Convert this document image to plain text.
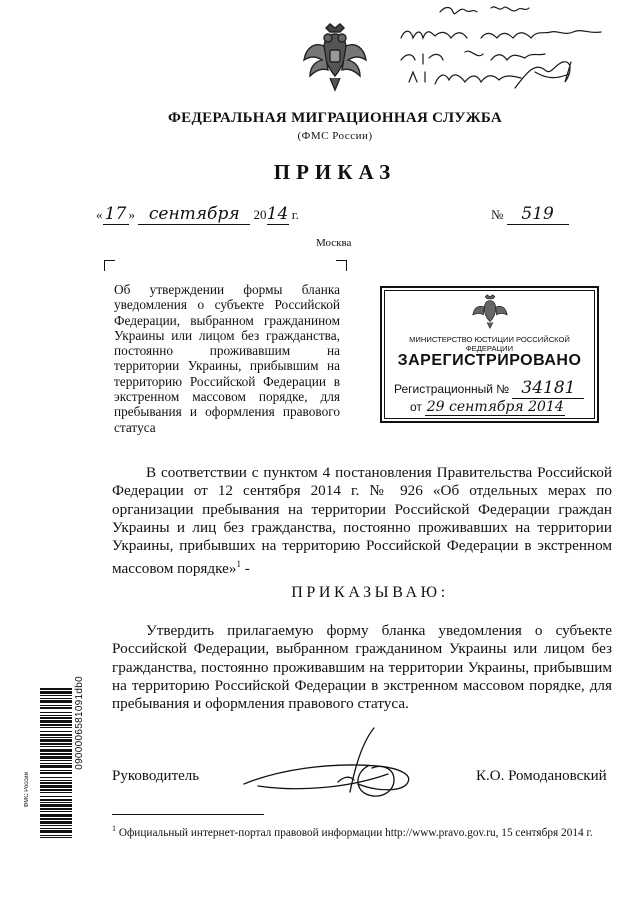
ФЕДЕРАЛЬНАЯ МИГРАЦИОННАЯ СЛУЖБА
(ФМС России)
ПРИКАЗ
« 17 » сентября 2014 г.	№ 519
Москва
Об утверждении формы бланка уведомления о субъекте Российской Федерации, выбранном гражданином Украины или лицом без гражданства, постоянно проживавшим на территории Украины, прибывшим на территорию Российской Федерации в экстренном массовом порядке, для пребывания и оформления правового статуса
МИНИСТЕРСТВО ЮСТИЦИИ РОССИЙСКОЙ ФЕДЕРАЦИИ
ЗАРЕГИСТРИРОВАНО
Регистрационный № 34181
от 29 сентября 2014
В соответствии с пунктом 4 постановления Правительства Российской Федерации от 12 сентября 2014 г. № 926 «Об отдельных мерах по организации пребывания на территории Российской Федерации граждан Украины и лиц без гражданства, постоянно проживавших на территории Украины, прибывших на территорию Российской Федерации в экстренном массовом порядке»$^1$ -
ПРИКАЗЫВАЮ:
Утвердить прилагаемую форму бланка уведомления о субъекте Российской Федерации, выбранном гражданином Украины или лицом без гражданства, постоянно проживавшим на территории Украины, прибывшим на территорию Российской Федерации в экстренном массовом порядке, для пребывания и оформления правового статуса.
Руководитель	К.О. Ромодановский
$^1$ Официальный интернет-портал правовой информации http://www.pravo.gov.ru, 15 сентября 2014 г.
ФМС России
0900006581091db0
